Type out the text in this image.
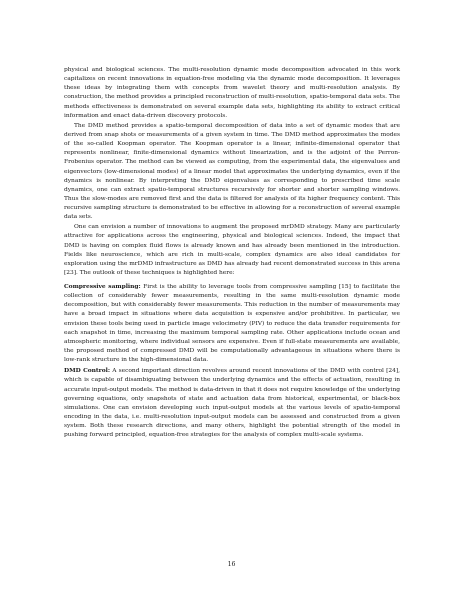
physical and biological sciences. The multi-resolution dynamic mode decomposition advocated in this work capitalizes on recent innovations in equation-free modeling via the dynamic mode decomposition. It leverages these ideas by integrating them with concepts from wavelet theory and multi-resolution analysis. By construction, the method provides a principled reconstruction of multi-resolution, spatio-temporal data sets. The methods effectiveness is demonstrated on several example data sets, highlighting its ability to extract critical information and enact data-driven discovery protocols.

The DMD method provides a spatio-temporal decomposition of data into a set of dynamic modes that are derived from snap shots or measurements of a given system in time. The DMD method approximates the modes of the so-called Koopman operator. The Koopman operator is a linear, infinite-dimensional operator that represents nonlinear, finite-dimensional dynamics without linearization, and is the adjoint of the Perron-Frobenius operator. The method can be viewed as computing, from the experimental data, the eigenvalues and eigenvectors (low-dimensional modes) of a linear model that approximates the underlying dynamics, even if the dynamics is nonlinear. By interpreting the DMD eigenvalues as corresponding to prescribed time scale dynamics, one can extract spatio-temporal structures recursively for shorter and shorter sampling windows. Thus the slow-modes are removed first and the data is filtered for analysis of its higher frequency content. This recursive sampling structure is demonstrated to be effective in allowing for a reconstruction of several example data sets.

One can envision a number of innovations to augment the proposed mrDMD strategy. Many are particularly attractive for applications across the engineering, physical and biological sciences. Indeed, the impact that DMD is having on complex fluid flows is already known and has already been mentioned in the introduction. Fields like neuroscience, which are rich in multi-scale, complex dynamics are also ideal candidates for exploration using the mrDMD infrastructure as DMD has already had recent demonstrated success in this arena [23]. The outlook of these techniques is highlighted here:

Compressive sampling: First is the ability to leverage tools from compressive sampling [15] to facilitate the collection of considerably fewer measurements, resulting in the same multi-resolution dynamic mode decomposition, but with considerably fewer measurements. This reduction in the number of measurements may have a broad impact in situations where data acquisition is expensive and/or prohibitive. In particular, we envision these tools being used in particle image velocimetry (PIV) to reduce the data transfer requirements for each snapshot in time, increasing the maximum temporal sampling rate. Other applications include ocean and atmospheric monitoring, where individual sensors are expensive. Even if full-state measurements are available, the proposed method of compressed DMD will be computationally advantageous in situations where there is low-rank structure in the high-dimensional data.

DMD Control: A second important direction revolves around recent innovations of the DMD with control [24], which is capable of disambiguating between the underlying dynamics and the effects of actuation, resulting in accurate input-output models. The method is data-driven in that it does not require knowledge of the underlying governing equations, only snapshots of state and actuation data from historical, experimental, or black-box simulations. One can envision developing such input-output models at the various levels of spatio-temporal encoding in the data, i.e. multi-resolution input-output models can be assessed and constructed from a given system. Both these research directions, and many others, highlight the potential strength of the model in pushing forward principled, equation-free strategies for the analysis of complex multi-scale systems.

16
